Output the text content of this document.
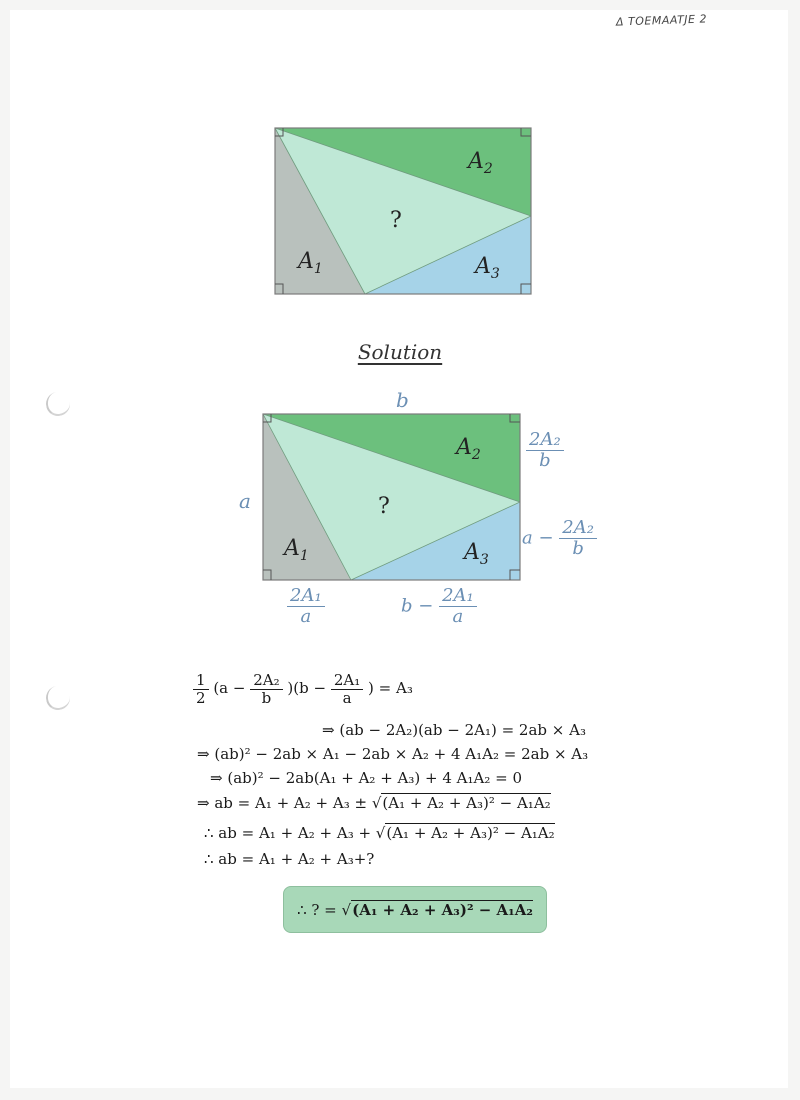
Δ TOEMAATJE 2
$A_1$
$A_2$
$A_3$
?
Solution
$A_1$
$A_2$
$A_3$
?
b
a
$\frac{\text{2A₂}}{b}$
$a - \frac{\text{2A₂}}{b}$
$\frac{\text{2A₁}}{a}$	$b - \frac{\text{2A₁}}{a}$
$\frac{1}{2} (a - \frac{\text{2A₂}}{b} )(b - \frac{\text{2A₁}}{a}$ ) = A₃
⇒ (ab − 2A₂)(ab − 2A₁) = 2ab × A₃
⇒ (ab)² − 2ab × A₁ − 2ab × A₂ + 4 A₁A₂ = 2ab × A₃
⇒ (ab)² − 2ab(A₁ + A₂ + A₃) + 4 A₁A₂ = 0
⇒ ab = A₁ + A₂ + A₃ ± √(A₁ + A₂ + A₃)² − A₁A₂
∴ ab = A₁ + A₂ + A₃ + √(A₁ + A₂ + A₃)² − A₁A₂
∴ ab = A₁ + A₂ + A₃+?
∴ ? = √ (A₁ + A₂ + A₃)² − A₁A₂
